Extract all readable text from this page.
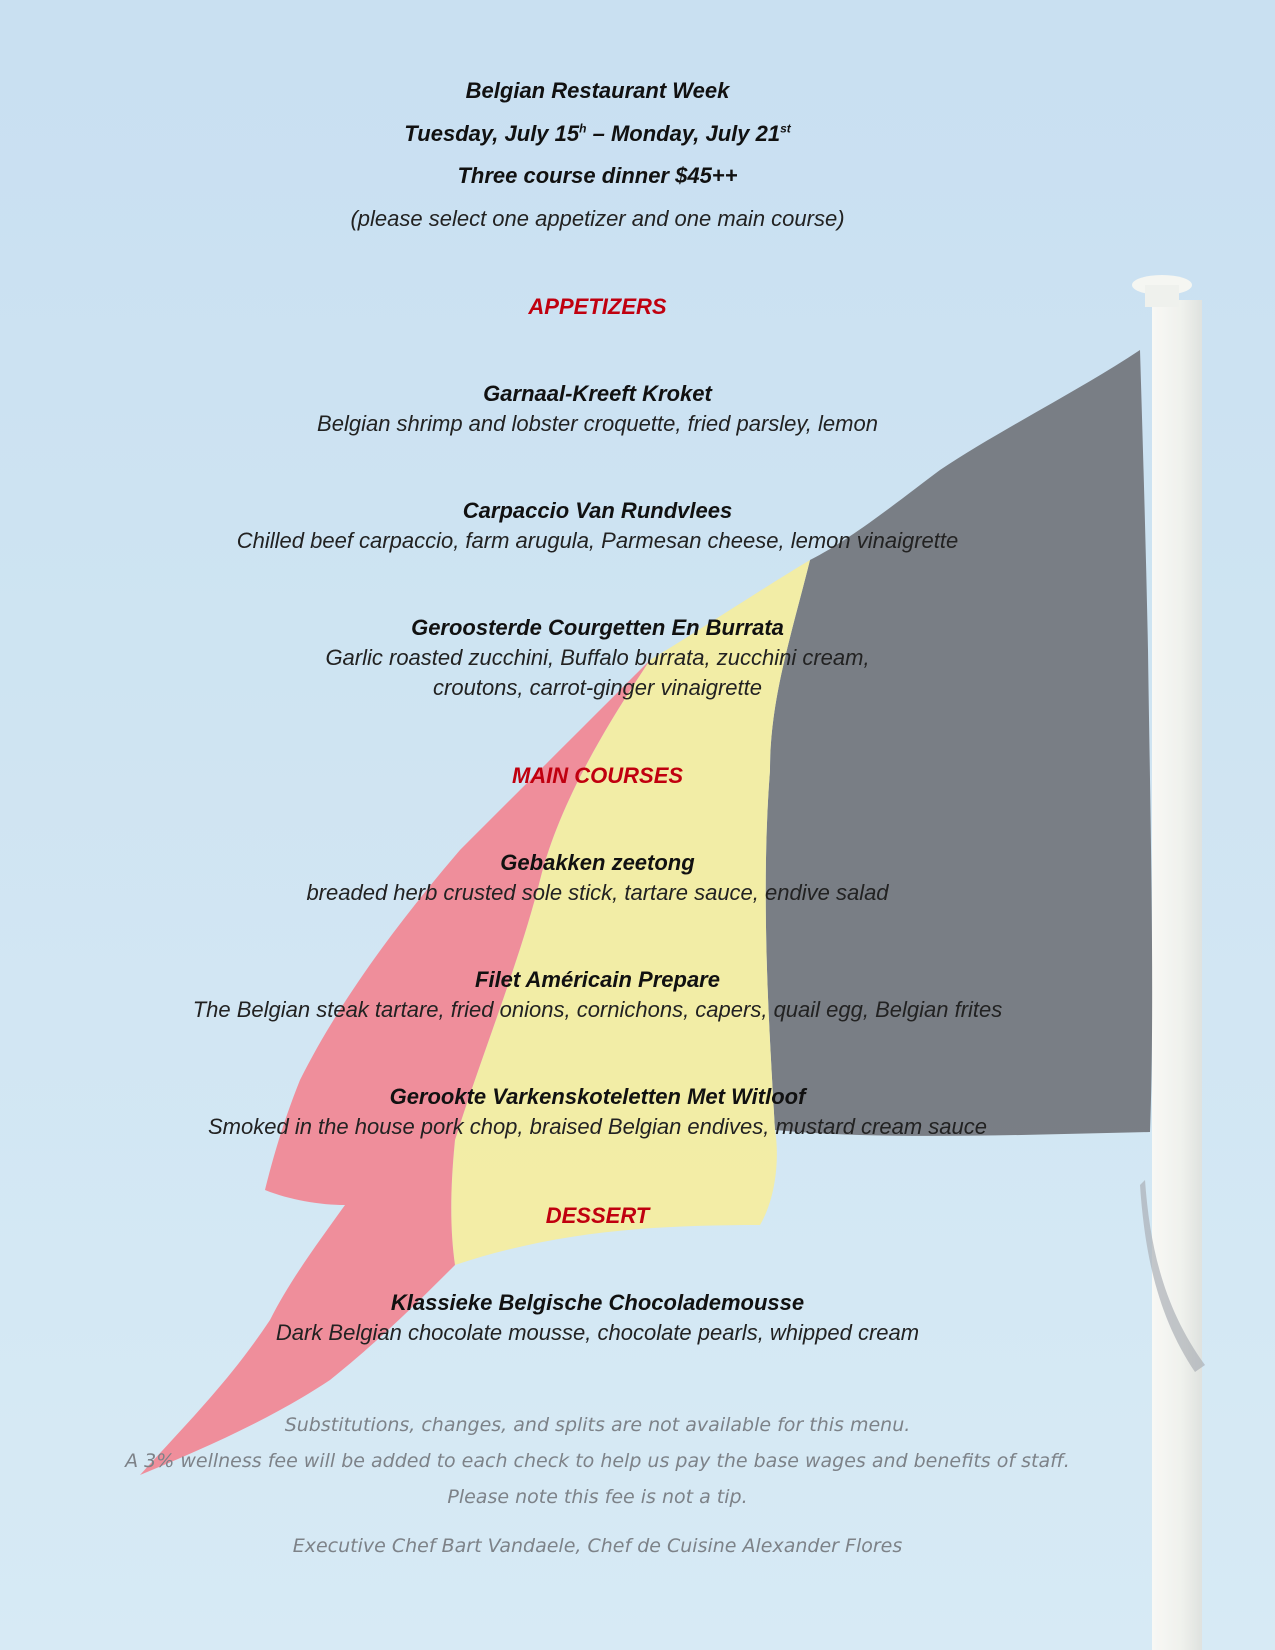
Belgian Restaurant Week
Tuesday, July 15$^h$ – Monday, July 21st
Three course dinner $45++
(please select one appetizer and one main course)
APPETIZERS
Garnaal-Kreeft Kroket
Belgian shrimp and lobster croquette, fried parsley, lemon
Carpaccio Van Rundvlees
Chilled beef carpaccio, farm arugula, Parmesan cheese, lemon vinaigrette
Geroosterde Courgetten En Burrata
Garlic roasted zucchini, Buffalo burrata, zucchini cream,
croutons, carrot-ginger vinaigrette
MAIN COURSES
Gebakken zeetong
breaded herb crusted sole stick, tartare sauce, endive salad
Filet Américain Prepare
The Belgian steak tartare, fried onions, cornichons, capers, quail egg, Belgian frites
Gerookte Varkenskoteletten Met Witloof
Smoked in the house pork chop, braised Belgian endives, mustard cream sauce
DESSERT
Klassieke Belgische Chocolademousse
Dark Belgian chocolate mousse, chocolate pearls, whipped cream
Substitutions, changes, and splits are not available for this menu.
A 3% wellness fee will be added to each check to help us pay the base wages and benefits of staff.
Please note this fee is not a tip.
Executive Chef Bart Vandaele, Chef de Cuisine Alexander Flores
